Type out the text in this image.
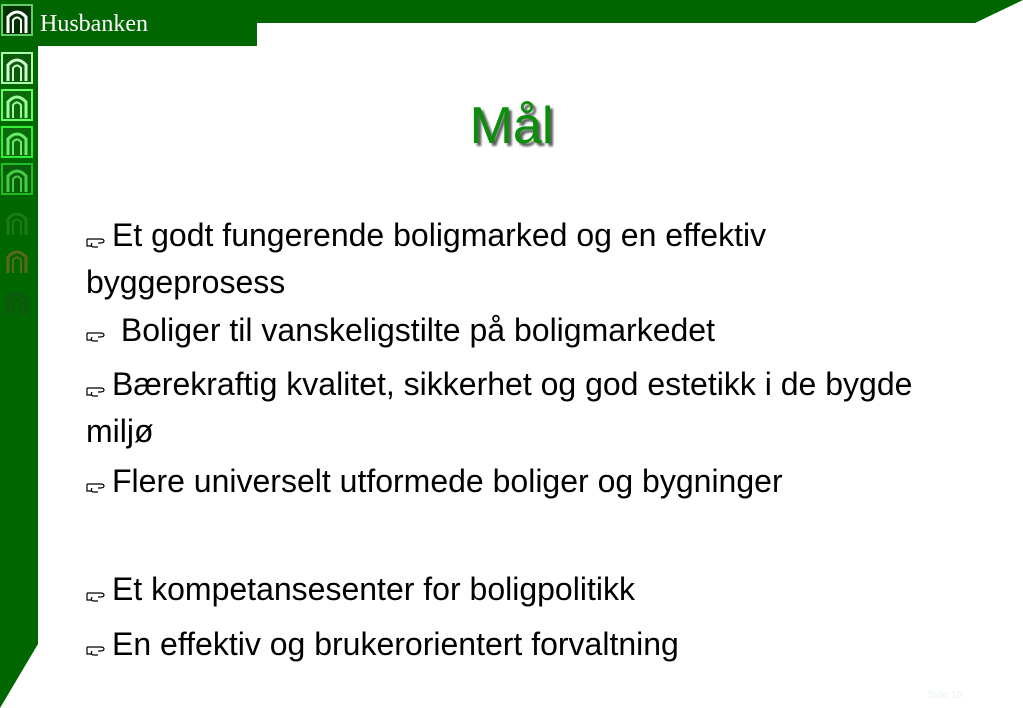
Husbanken
Mål
Et godt fungerende boligmarked og en effektiv byggeprosess
Boliger til vanskeligstilte på boligmarkedet
Bærekraftig kvalitet, sikkerhet og god estetikk i de bygde miljø
Flere universelt utformede boliger og bygninger
Et kompetansesenter for boligpolitikk
En effektiv og brukerorientert forvaltning
Side 10
